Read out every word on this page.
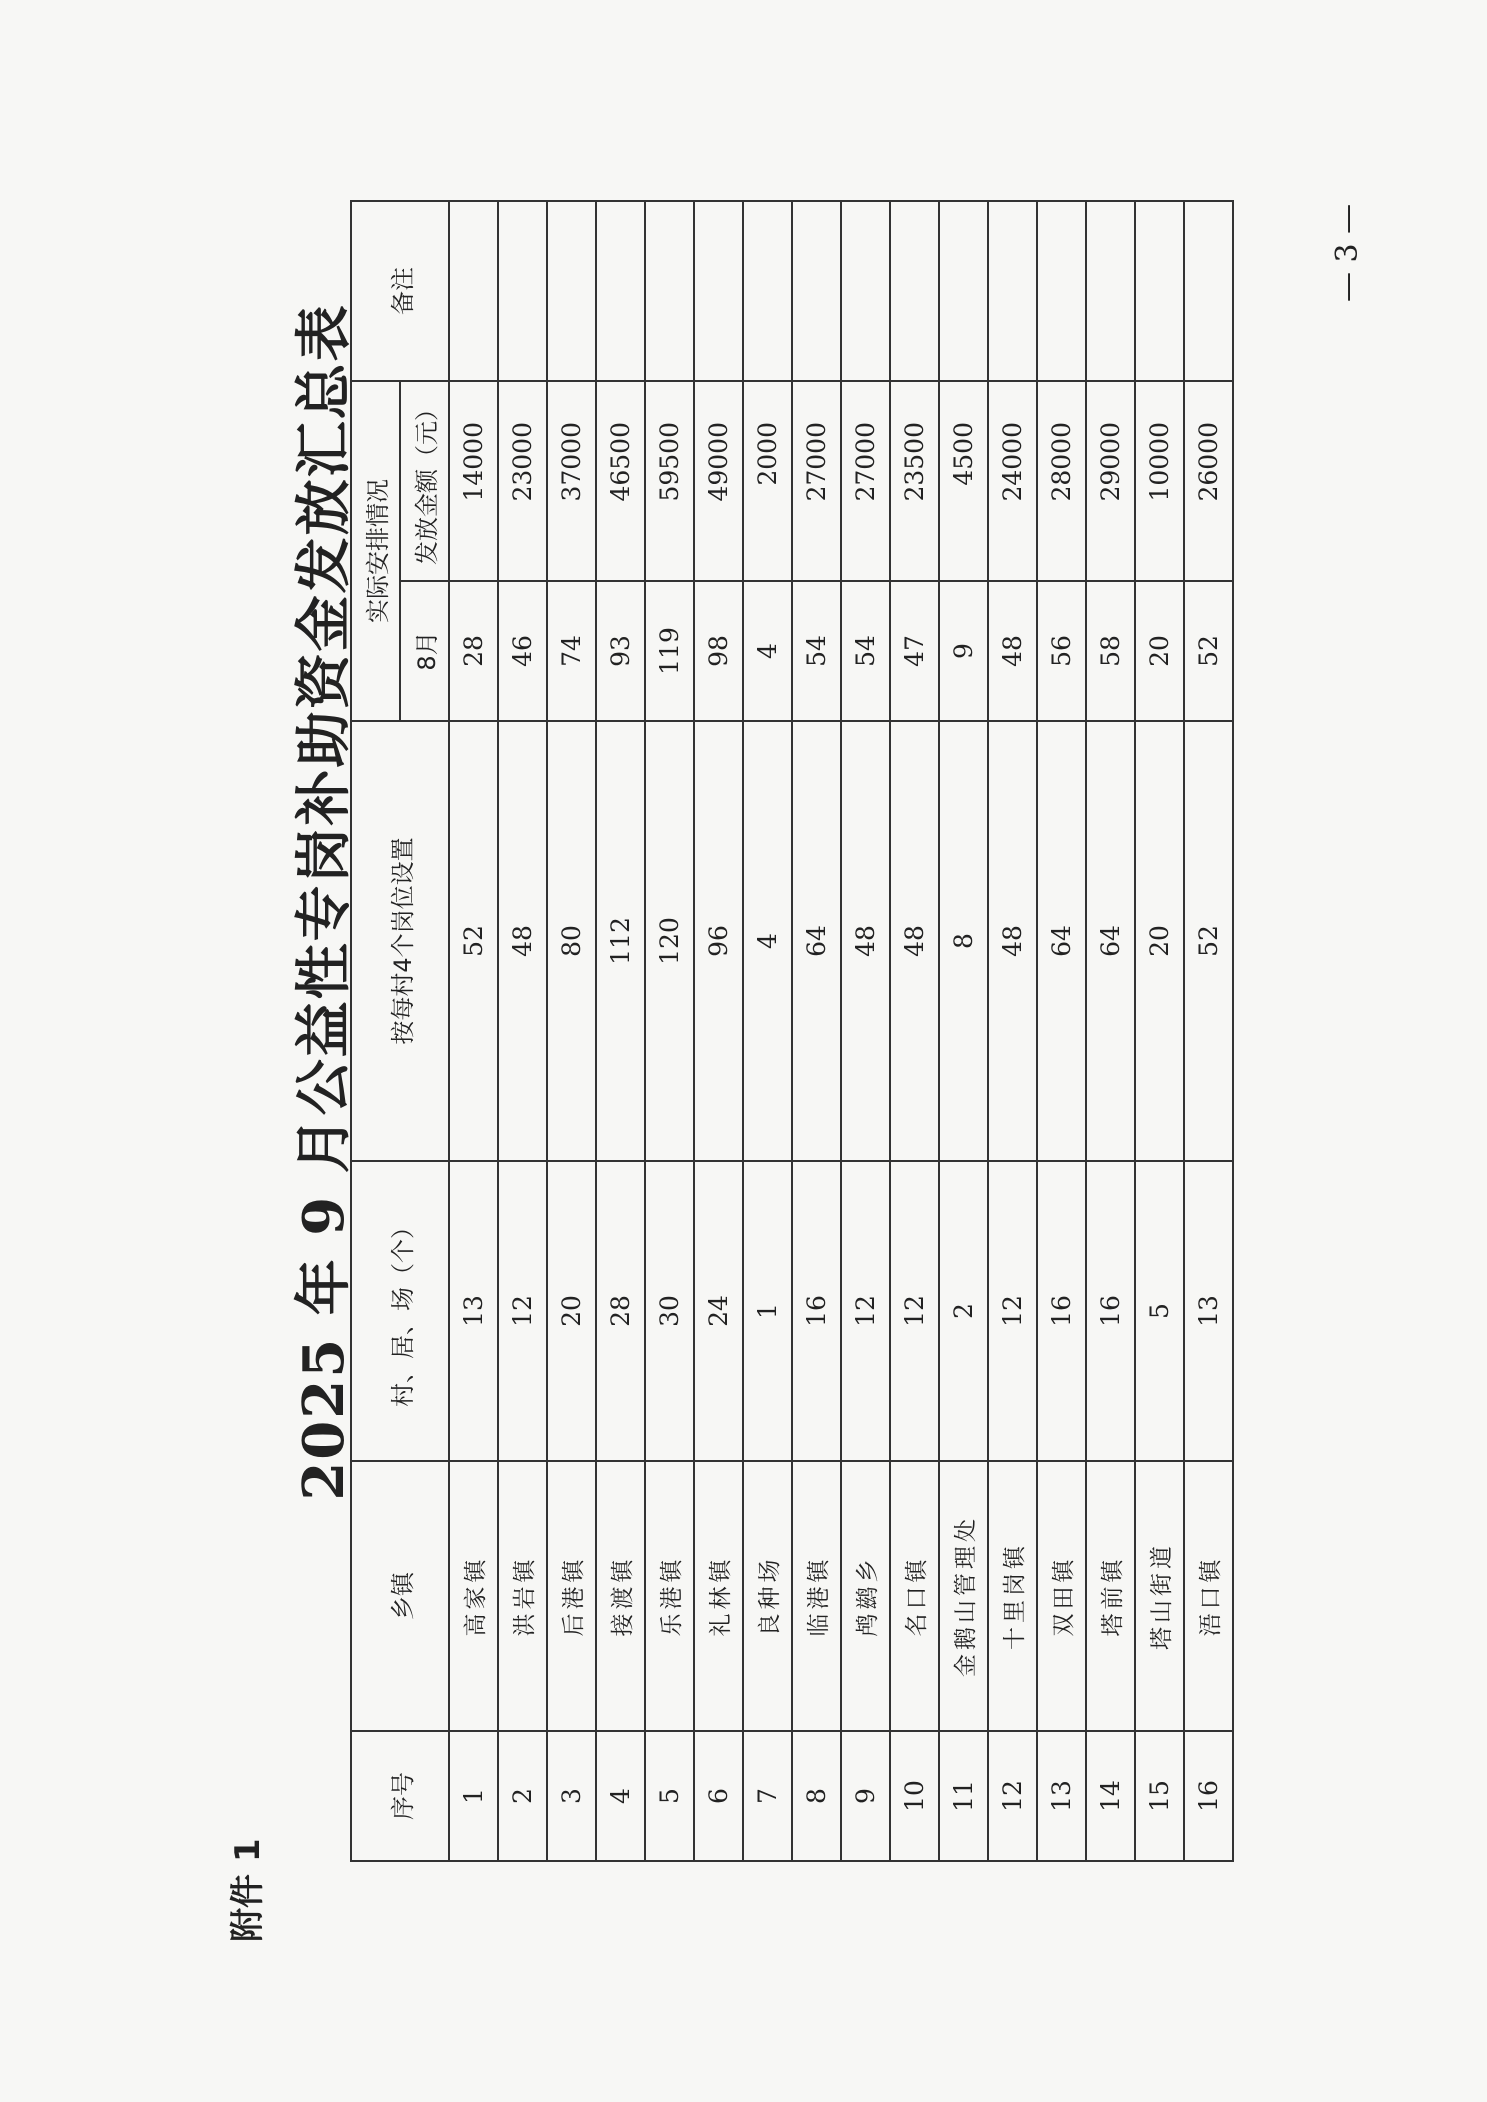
附件 1
2025 年 9 月公益性专岗补助资金发放汇总表
序号	乡镇	村、居、场（个）	按每村4个岗位设置	实际安排情况		备注
				8月	发放金额（元）	
1	高家镇	13	52	28	14000	
2	洪岩镇	12	48	46	23000	
3	后港镇	20	80	74	37000	
4	接渡镇	28	112	93	46500	
5	乐港镇	30	120	119	59500	
6	礼林镇	24	96	98	49000	
7	良种场	1	4	4	2000	
8	临港镇	16	64	54	27000	
9	鸬鹚乡	12	48	54	27000	
10	名口镇	12	48	47	23500	
11	金鹅山管理处	2	8	9	4500	
12	十里岗镇	12	48	48	24000	
13	双田镇	16	64	56	28000	
14	塔前镇	16	64	58	29000	
15	塔山街道	5	20	20	10000	
16	浯口镇	13	52	52	26000	
— 3 —
